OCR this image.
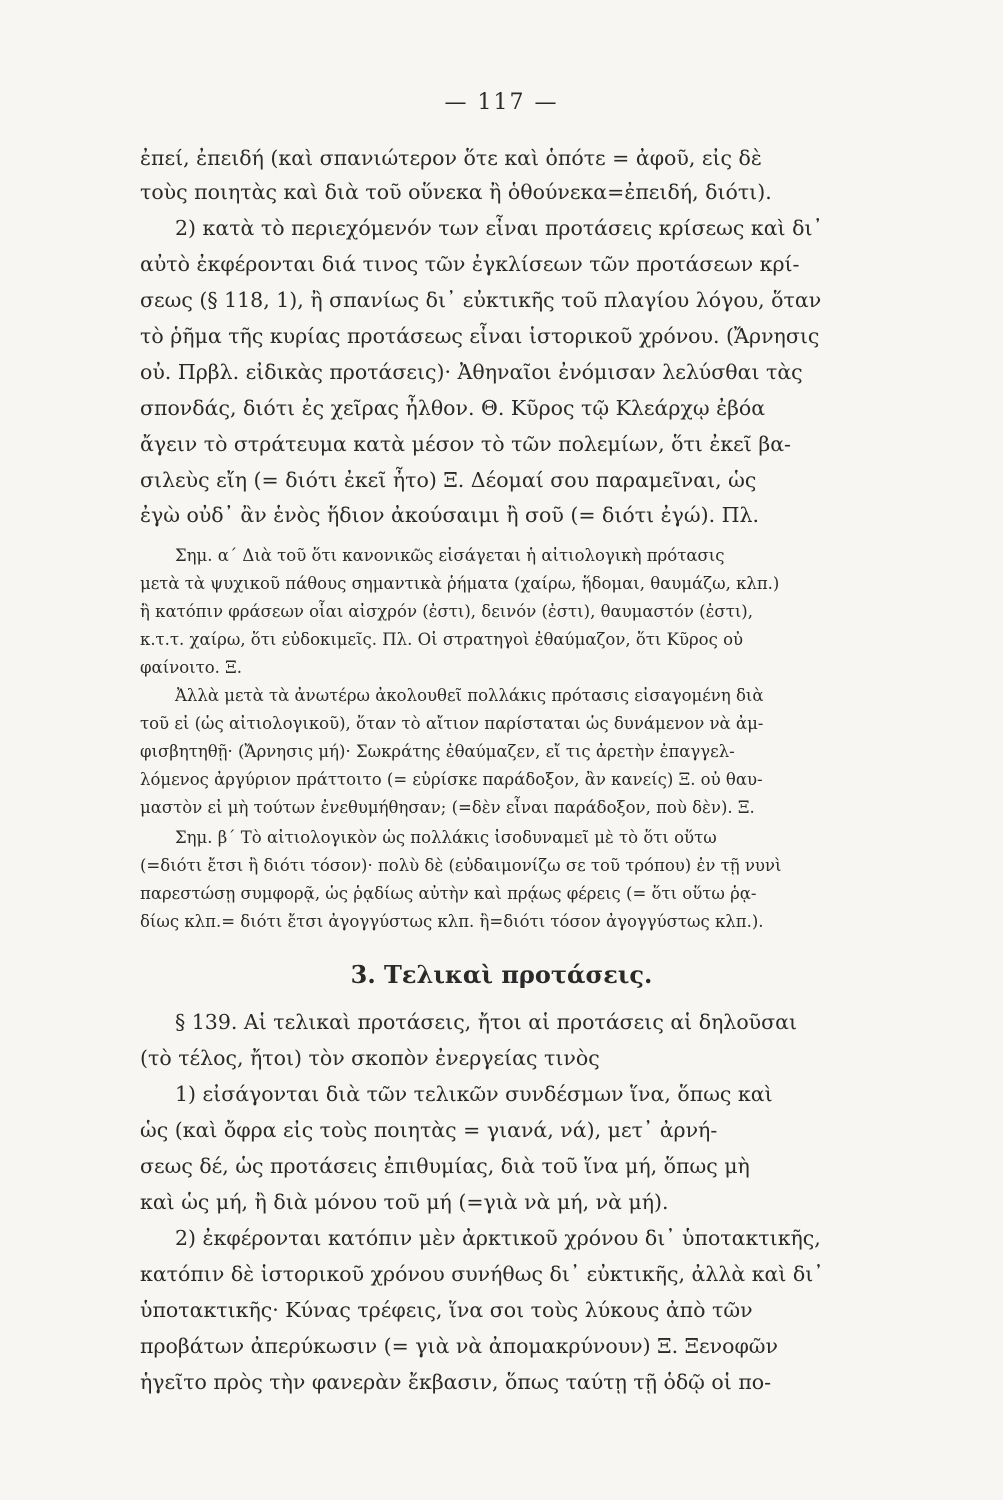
— 117 —
ἐπεί, ἐπειδή (καὶ σπανιώτερον ὅτε καὶ ὁπότε = ἀφοῦ, εἰς δὲ
τοὺς ποιητὰς καὶ διὰ τοῦ οὕνεκα ἢ ὁθούνεκα=ἐπειδή, διότι).
2) κατὰ τὸ περιεχόμενόν των εἶναι προτάσεις κρίσεως καὶ δι᾿
αὐτὸ ἐκφέρονται διά τινος τῶν ἐγκλίσεων τῶν προτάσεων κρί-
σεως (§ 118, 1), ἢ σπανίως δι᾿ εὐκτικῆς τοῦ πλαγίου λόγου, ὅταν
τὸ ῥῆμα τῆς κυρίας προτάσεως εἶναι ἱστορικοῦ χρόνου. (Ἄρνησις
οὐ. Πρβλ. εἰδικὰς προτάσεις)· Ἀθηναῖοι ἐνόμισαν λελύσθαι τὰς
σπονδάς, διότι ἐς χεῖρας ἦλθον. Θ. Κῦρος τῷ Κλεάρχῳ ἐβόα
ἄγειν τὸ στράτευμα κατὰ μέσον τὸ τῶν πολεμίων, ὅτι ἐκεῖ βα-
σιλεὺς εἴη (= διότι ἐκεῖ ἦτο) Ξ. Δέομαί σου παραμεῖναι, ὡς
ἐγὼ οὐδ᾿ ἂν ἑνὸς ἥδιον ἀκούσαιμι ἢ σοῦ (= διότι ἐγώ). Πλ.
Σημ. α´ Διὰ τοῦ ὅτι κανονικῶς εἰσάγεται ἡ αἰτιολογικὴ πρότασις
μετὰ τὰ ψυχικοῦ πάθους σημαντικὰ ῥήματα (χαίρω, ἥδομαι, θαυμάζω, κλπ.)
ἢ κατόπιν φράσεων οἷαι αἰσχρόν (ἐστι), δεινόν (ἐστι), θαυμαστόν (ἐστι),
κ.τ.τ. χαίρω, ὅτι εὐδοκιμεῖς. Πλ. Οἱ στρατηγοὶ ἐθαύμαζον, ὅτι Κῦρος οὐ
φαίνοιτο. Ξ.
Ἀλλὰ μετὰ τὰ ἀνωτέρω ἀκολουθεῖ πολλάκις πρότασις εἰσαγομένη διὰ
τοῦ εἰ (ὡς αἰτιολογικοῦ), ὅταν τὸ αἴτιον παρίσταται ὡς δυνάμενον νὰ ἀμ-
φισβητηθῇ· (Ἄρνησις μή)· Σωκράτης ἐθαύμαζεν, εἴ τις ἀρετὴν ἐπαγγελ-
λόμενος ἀργύριον πράττοιτο (= εὑρίσκε παράδοξον, ἂν κανείς) Ξ. οὐ θαυ-
μαστὸν εἰ μὴ τούτων ἐνεθυμήθησαν; (=δὲν εἶναι παράδοξον, ποὺ δὲν). Ξ.
Σημ. β´ Τὸ αἰτιολογικὸν ὡς πολλάκις ἰσοδυναμεῖ μὲ τὸ ὅτι οὕτω
(=διότι ἔτσι ἢ διότι τόσον)· πολὺ δὲ (εὐδαιμονίζω σε τοῦ τρόπου) ἐν τῇ νυνὶ
παρεστώσῃ συμφορᾷ, ὡς ῥᾳδίως αὐτὴν καὶ πρᾴως φέρεις (= ὅτι οὕτω ῥᾳ-
δίως κλπ.= διότι ἔτσι ἀγογγύστως κλπ. ἢ=διότι τόσον ἀγογγύστως κλπ.).
3. Τελικαὶ προτάσεις.
§ 139. Αἱ τελικαὶ προτάσεις, ἤτοι αἱ προτάσεις αἱ δηλοῦσαι
(τὸ τέλος, ἤτοι) τὸν σκοπὸν ἐνεργείας τινὸς
1) εἰσάγονται διὰ τῶν τελικῶν συνδέσμων ἵνα, ὅπως καὶ
ὡς (καὶ ὄφρα εἰς τοὺς ποιητὰς = γιανά, νά), μετ᾿ ἀρνή-
σεως δέ, ὡς προτάσεις ἐπιθυμίας, διὰ τοῦ ἵνα μή, ὅπως μὴ
καὶ ὡς μή, ἢ διὰ μόνου τοῦ μή (=γιὰ νὰ μή, νὰ μή).
2) ἐκφέρονται κατόπιν μὲν ἀρκτικοῦ χρόνου δι᾿ ὑποτακτικῆς,
κατόπιν δὲ ἱστορικοῦ χρόνου συνήθως δι᾿ εὐκτικῆς, ἀλλὰ καὶ δι᾿
ὑποτακτικῆς· Κύνας τρέφεις, ἵνα σοι τοὺς λύκους ἀπὸ τῶν
προβάτων ἀπερύκωσιν (= γιὰ νὰ ἀπομακρύνουν) Ξ. Ξενοφῶν
ἡγεῖτο πρὸς τὴν φανερὰν ἔκβασιν, ὅπως ταύτῃ τῇ ὁδῷ οἱ πο-
